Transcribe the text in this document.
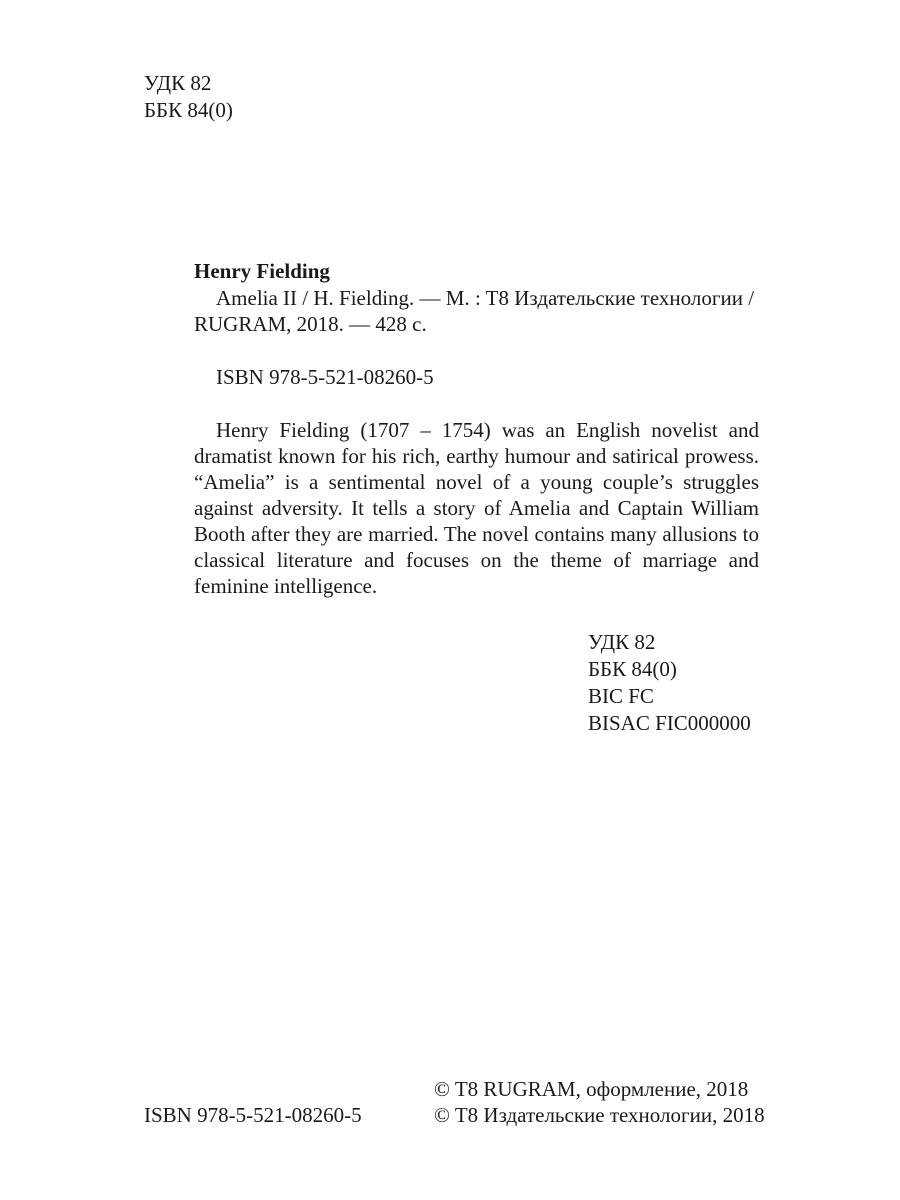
УДК 82
ББК 84(0)
Henry Fielding
Amelia II / H. Fielding. — M. : T8 Издательские технологии /
RUGRAM, 2018. — 428 с.
ISBN 978-5-521-08260-5
Henry Fielding (1707 – 1754) was an English novelist and dramatist known for his rich, earthy humour and satirical prowess. “Amelia” is a sentimental novel of a young couple’s struggles against adversity. It tells a story of Amelia and Captain William Booth after they are married. The novel contains many allusions to classical literature and focuses on the theme of marriage and feminine intelligence.
УДК 82
ББК 84(0)
BIC FC
BISAC FIC000000
ISBN 978-5-521-08260-5
© T8 RUGRAM, оформление, 2018
© T8 Издательские технологии, 2018
